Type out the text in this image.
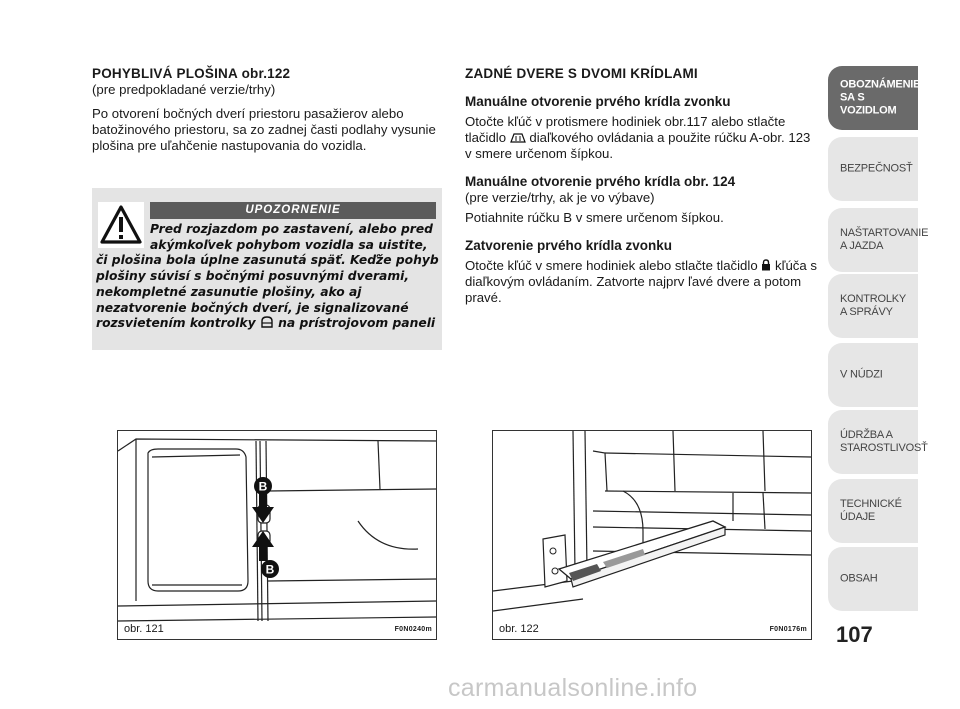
POHYBLIVÁ PLOŠINA obr.122

(pre predpokladané verzie/trhy)

Po otvorení bočných dverí priestoru pasažierov alebo batožinového priestoru, sa zo zadnej časti podlahy vysunie plošina pre uľahčenie nastupovania do vozidla.

UPOZORNENIE
Pred rozjazdom po zastavení, alebo pred
akýmkoľvek pohybom vozidla sa uistite,
či plošina bola úplne zasunutá späť. Keďže pohyb plošiny súvisí s bočnými posuvnými dverami, nekompletné zasunutie plošiny, ako aj nezatvorenie bočných dverí, je signalizované rozsvietením kontrolky na prístrojovom paneli

ZADNÉ DVERE S DVOMI KRÍDLAMI

Manuálne otvorenie prvého krídla zvonku

Otočte kľúč v protismere hodiniek obr.117 alebo stlačte tlačidlo diaľkového ovládania a použite rúčku A-obr. 123 v smere určenom šípkou.

Manuálne otvorenie prvého krídla obr. 124

(pre verzie/trhy, ak je vo výbave)

Potiahnite rúčku B v smere určenom šípkou.

Zatvorenie prvého krídla zvonku

Otočte kľúč v smere hodiniek alebo stlačte tlačidlo kľúča s diaľkovým ovládaním. Zatvorte najprv ľavé dvere a potom pravé.

B
B
obr. 121	F0N0240m	obr. 122	F0N0176m
OBOZNÁMENIE
SA S VOZIDLOM
BEZPEČNOSŤ
NAŠTARTOVANIE
A JAZDA
KONTROLKY
A SPRÁVY
V NÚDZI
ÚDRŽBA A
STAROSTLIVOSŤ
TECHNICKÉ
ÚDAJE
OBSAH
107
carmanualsonline.info
